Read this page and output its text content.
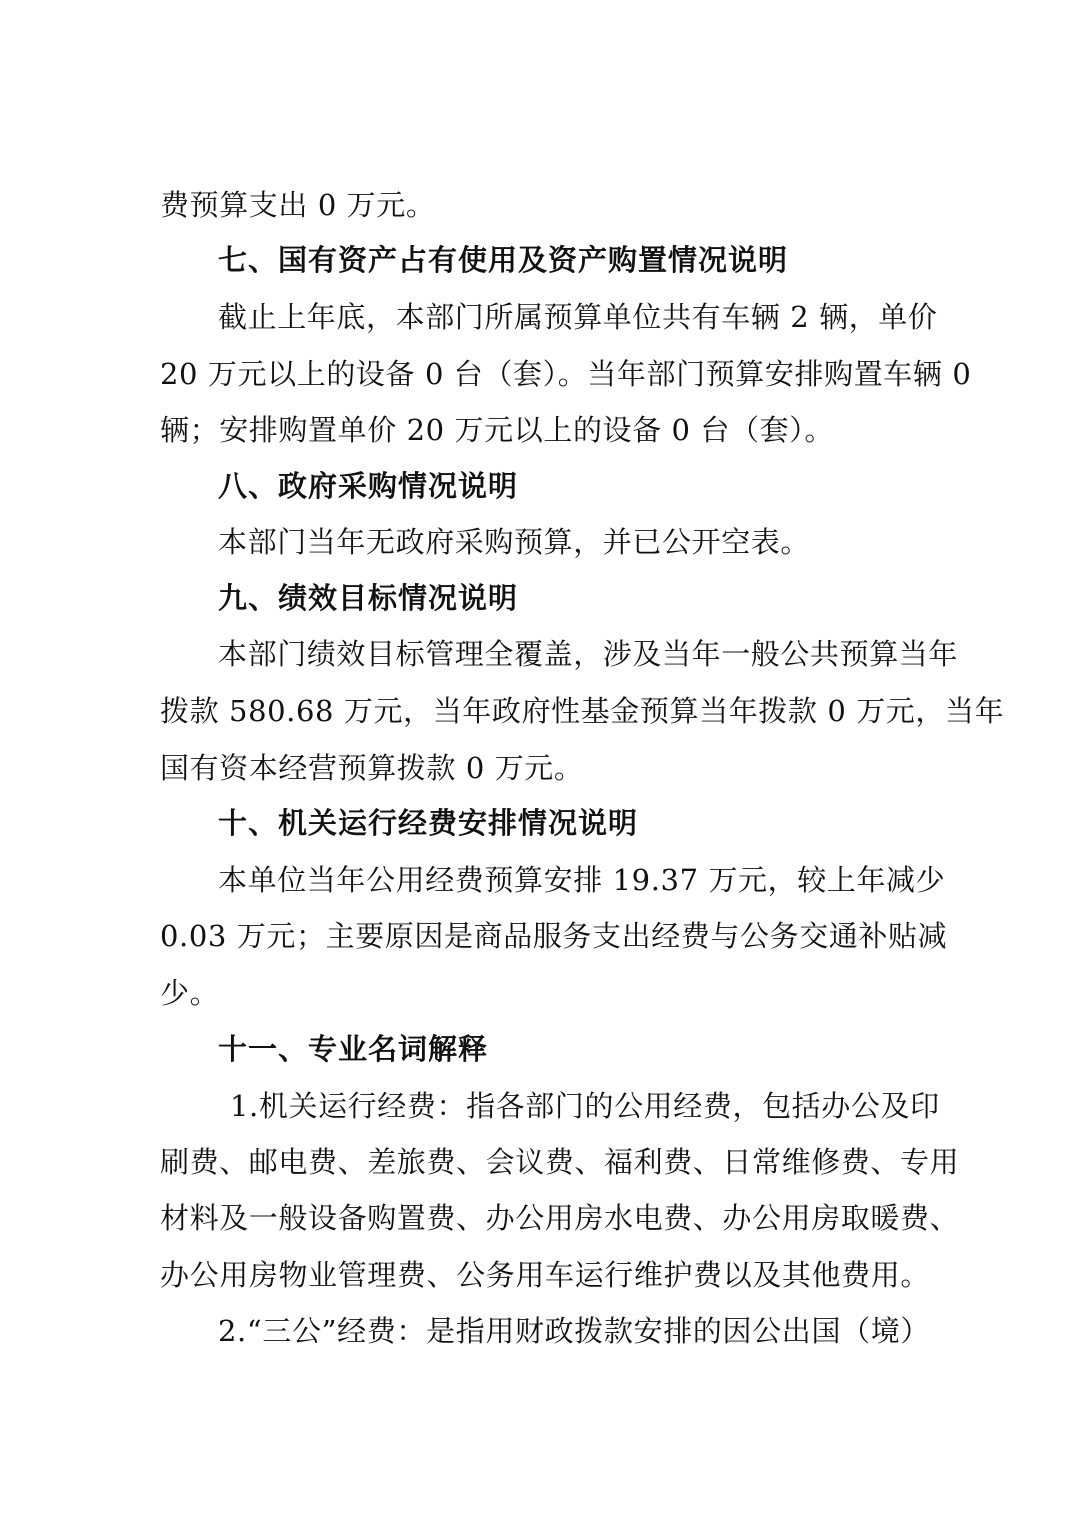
费预算支出 0 万元。
七、国有资产占有使用及资产购置情况说明
截止上年底，本部门所属预算单位共有车辆 2 辆，单价
20 万元以上的设备 0 台（套）。当年部门预算安排购置车辆 0
辆；安排购置单价 20 万元以上的设备 0 台（套）。
八、政府采购情况说明
本部门当年无政府采购预算，并已公开空表。
九、绩效目标情况说明
本部门绩效目标管理全覆盖，涉及当年一般公共预算当年
拨款 580.68 万元，当年政府性基金预算当年拨款 0 万元，当年
国有资本经营预算拨款 0 万元。
十、机关运行经费安排情况说明
本单位当年公用经费预算安排 19.37 万元，较上年减少
0.03 万元；主要原因是商品服务支出经费与公务交通补贴减
少。
十一、专业名词解释
1.机关运行经费：指各部门的公用经费，包括办公及印
刷费、邮电费、差旅费、会议费、福利费、日常维修费、专用
材料及一般设备购置费、办公用房水电费、办公用房取暖费、
办公用房物业管理费、公务用车运行维护费以及其他费用。
2.“三公”经费：是指用财政拨款安排的因公出国（境）
